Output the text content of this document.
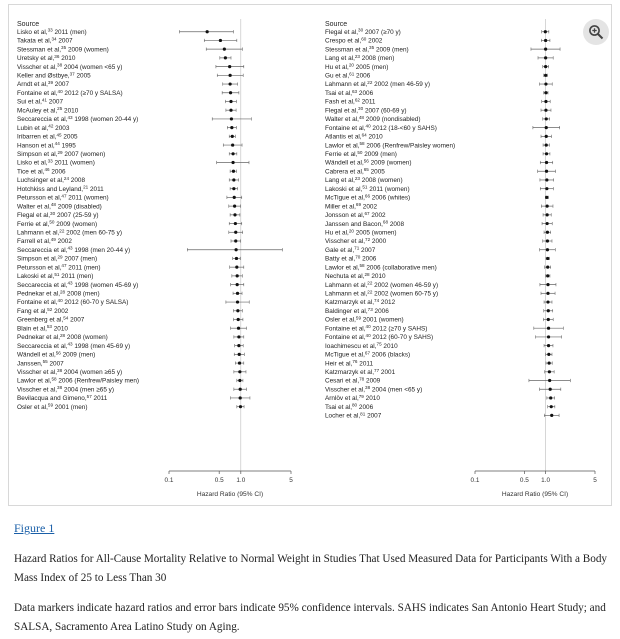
Source
Lisko et al,$^{33}$ 2011 (men)
Takata et al,$^{34}$ 2007
Stessman et al,$^{35}$ 2009 (women)
Uretsky et al,$^{36}$ 2010
Visscher et al,$^{38}$ 2004 (women <65 y)
Keller and Østbye,$^{37}$ 2005
Arndt et al,$^{39}$ 2007
Fontaine et al,$^{40}$ 2012 (≥70 y SALSA)
Sui et al,$^{41}$ 2007
McAuley et al,$^{25}$ 2010
Seccareccia et al,$^{43}$ 1998 (women 20-44 y)
Lubin et al,$^{42}$ 2003
Iribarren et al,$^{45}$ 2005
Hanson et al,$^{44}$ 1995
Simpson et al,$^{29}$ 2007 (women)
Lisko et al,$^{33}$ 2011 (women)
Tice et al,$^{46}$ 2006
Luchsinger et al,$^{24}$ 2008
Hotchkiss and Leyland,$^{21}$ 2011
Petursson et al,$^{47}$ 2011 (women)
Walter et al,$^{48}$ 2009 (disabled)
Flegal et al,$^{30}$ 2007 (25-59 y)
Ferrie et al,$^{50}$ 2009 (women)
Lahmann et al,$^{22}$ 2002 (men 60-75 y)
Farrell et al,$^{49}$ 2002
Seccareccia et al,$^{43}$ 1998 (men 20-44 y)
Simpson et al,$^{29}$ 2007 (men)
Petursson et al,$^{47}$ 2011 (men)
Lakoski et al,$^{51}$ 2011 (men)
Seccareccia et al,$^{43}$ 1998 (women 45-69 y)
Pednekar et al,$^{28}$ 2008 (men)
Fontaine et al,$^{40}$ 2012 (60-70 y SALSA)
Fang et al,$^{52}$ 2002
Greenberg et al,$^{54}$ 2007
Blain et al,$^{53}$ 2010
Pednekar et al,$^{28}$ 2008 (women)
Seccareccia et al,$^{43}$ 1998 (men 45-69 y)
Wändell et al,$^{56}$ 2009 (men)
Janssen,$^{55}$ 2007
Visscher et al,$^{38}$ 2004 (women ≥65 y)
Lawlor et al,$^{58}$ 2006 (Renfrew/Paisley men)
Visscher et al,$^{38}$ 2004 (men ≥65 y)
Bevilacqua and Gimeno,$^{57}$ 2011
Osler et al,$^{59}$ 2001 (men)
0.1	0.5 1.0	5
Hazard Ratio (95% CI)
Source
Flegal et al,$^{30}$ 2007 (≥70 y)
Crespo et al,$^{60}$ 2002
Stessman et al,$^{35}$ 2009 (men)
Lang et al,$^{23}$ 2008 (men)
Hu et al,$^{20}$ 2005 (men)
Gu et al,$^{61}$ 2006
Lahmann et al,$^{22}$ 2002 (men 46-59 y)
Tsai et al,$^{63}$ 2006
Fash et al,$^{62}$ 2011
Flegal et al,$^{30}$ 2007 (60-69 y)
Walter et al,$^{48}$ 2009 (nondisabled)
Fontaine et al,$^{40}$ 2012 (18-<60 y SAHS)
Atlantis et al,$^{64}$ 2010
Lawlor et al,$^{58}$ 2006 (Renfrew/Paisley women)
Ferrie et al,$^{50}$ 2009 (men)
Wändell et al,$^{56}$ 2009 (women)
Cabrera et al,$^{65}$ 2005
Lang et al,$^{23}$ 2008 (women)
Lakoski et al,$^{51}$ 2011 (women)
McTigue et al,$^{66}$ 2006 (whites)
Miller et al,$^{69}$ 2002
Jonsson et al,$^{67}$ 2002
Janssen and Bacon,$^{68}$ 2008
Hu et al,$^{20}$ 2005 (women)
Visscher et al,$^{72}$ 2000
Gale et al,$^{71}$ 2007
Batty et al,$^{70}$ 2006
Lawlor et al,$^{58}$ 2006 (collaborative men)
Nechuta et al,$^{28}$ 2010
Lahmann et al,$^{22}$ 2002 (women 46-59 y)
Lahmann et al,$^{22}$ 2002 (women 60-75 y)
Katzmarzyk et al,$^{74}$ 2012
Baldinger et al,$^{73}$ 2006
Osler et al,$^{59}$ 2001 (women)
Fontaine et al,$^{40}$ 2012 (≥70 y SAHS)
Fontaine et al,$^{40}$ 2012 (60-70 y SAHS)
Ioachimescu et al,$^{75}$ 2010
McTigue et al,$^{67}$ 2006 (blacks)
Heir et al,$^{76}$ 2011
Katzmarzyk et al,$^{77}$ 2001
Cesari et al,$^{78}$ 2009
Visscher et al,$^{38}$ 2004 (men <65 y)
Arnlöv et al,$^{79}$ 2010
Tsai et al,$^{80}$ 2006
Locher et al,$^{81}$ 2007
0.1	0.5 1.0	5
Hazard Ratio (95% CI)
Figure 1

Hazard Ratios for All-Cause Mortality Relative to Normal Weight in Studies That Used Measured Data for Participants With a Body Mass Index of 25 to Less Than 30

Data markers indicate hazard ratios and error bars indicate 95% confidence intervals. SAHS indicates San Antonio Heart Study; and SALSA, Sacramento Area Latino Study on Aging.
